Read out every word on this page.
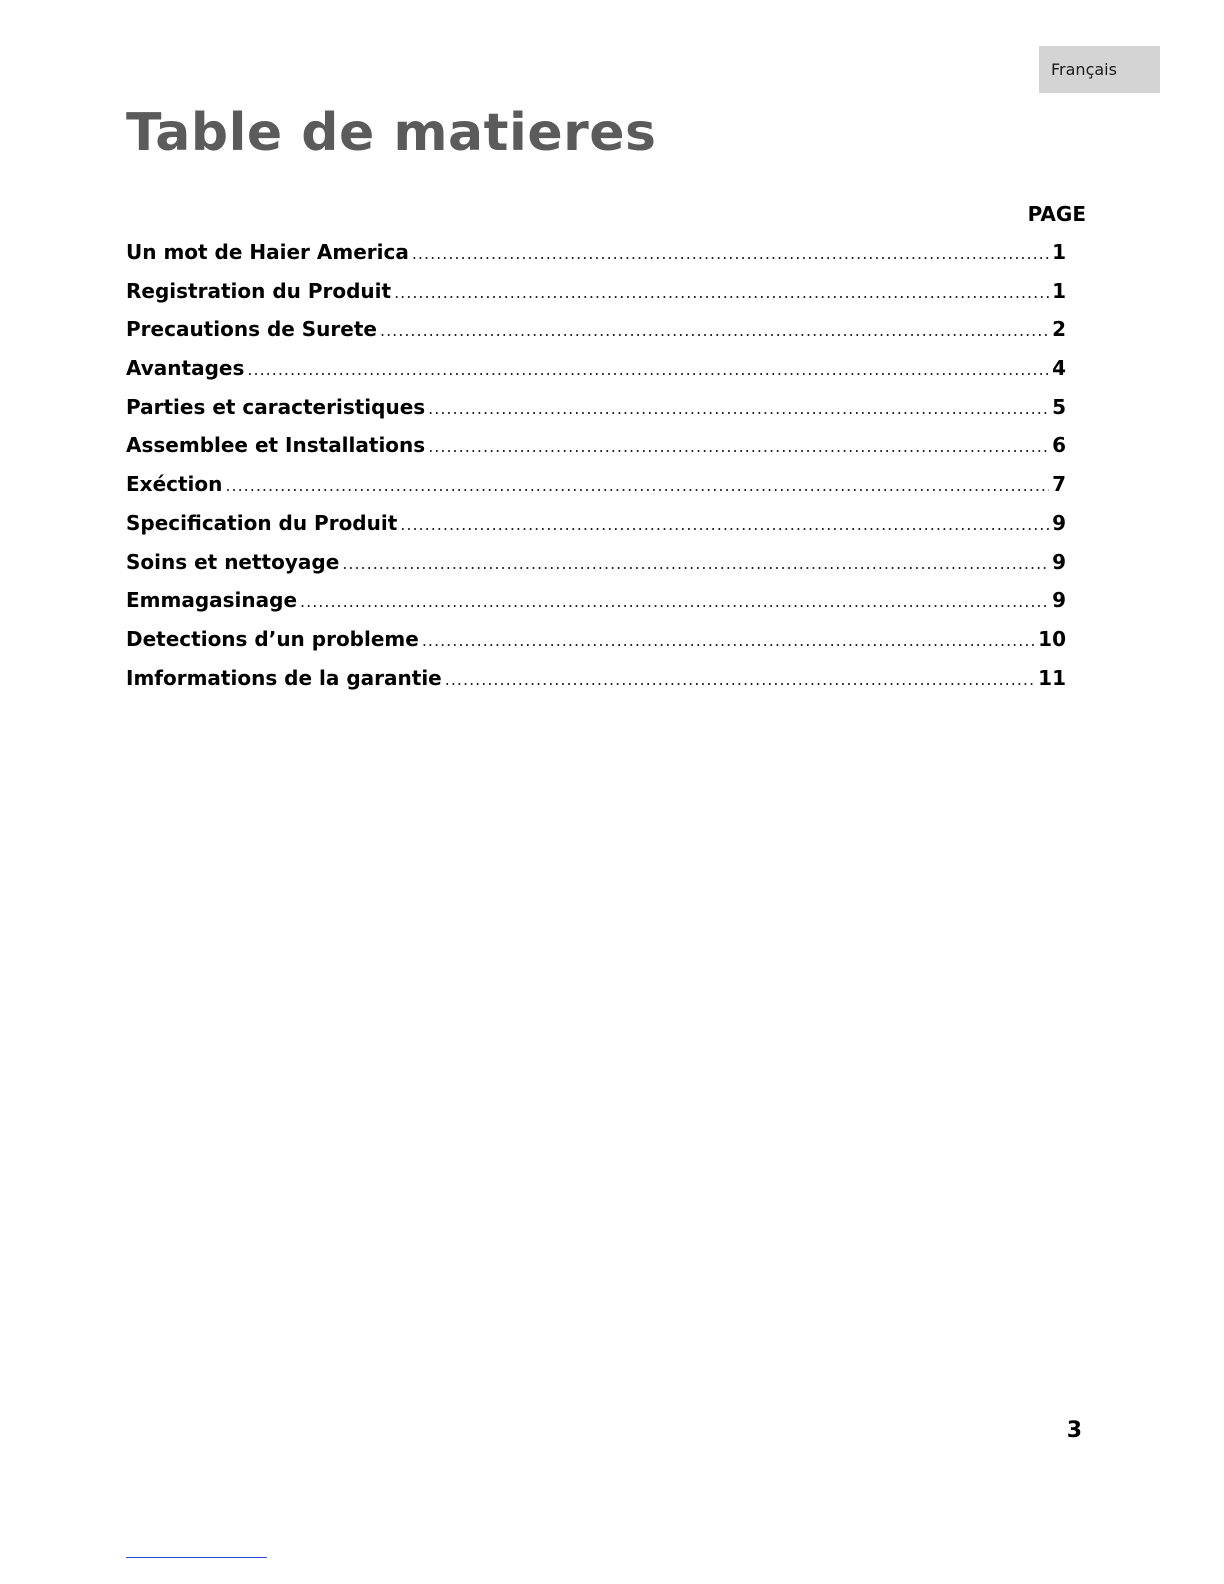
Français
Table de matieres
PAGE
Un mot de Haier America .....	1
Registration du Produit .....	1
Precautions de Surete .....	2
Avantages .....	4
Parties et caracteristiques .....	5
Assemblee et Installations .....	6
Exéction .....	7
Specification du Produit .....	9
Soins et nettoyage .....	9
Emmagasinage .....	9
Detections d’un probleme .....	10
Imformations de la garantie .....	11
3
